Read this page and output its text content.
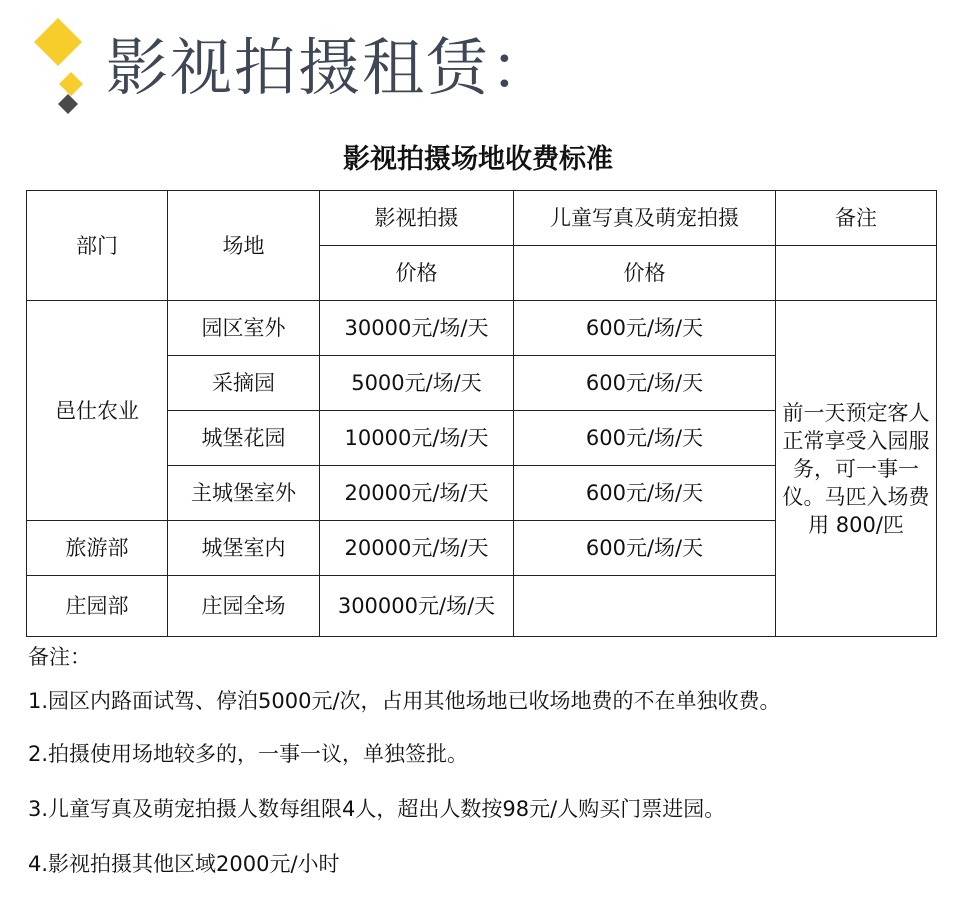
影视拍摄租赁：
影视拍摄场地收费标准
部门	场地	影视拍摄	儿童写真及萌宠拍摄	备注
		价格	价格	
邑仕农业	园区室外	30000元/场/天	600元/场/天	前一天预定客人正常享受入园服务，可一事一仪。马匹入场费用 800/匹
	采摘园	5000元/场/天	600元/场/天	
	城堡花园	10000元/场/天	600元/场/天	
	主城堡室外	20000元/场/天	600元/场/天	
旅游部	城堡室内	20000元/场/天	600元/场/天	
庄园部	庄园全场	300000元/场/天		

备注：

1.园区内路面试驾、停泊5000元/次，占用其他场地已收场地费的不在单独收费。

2.拍摄使用场地较多的，一事一议，单独签批。

3.儿童写真及萌宠拍摄人数每组限4人，超出人数按98元/人购买门票进园。

4.影视拍摄其他区域2000元/小时
